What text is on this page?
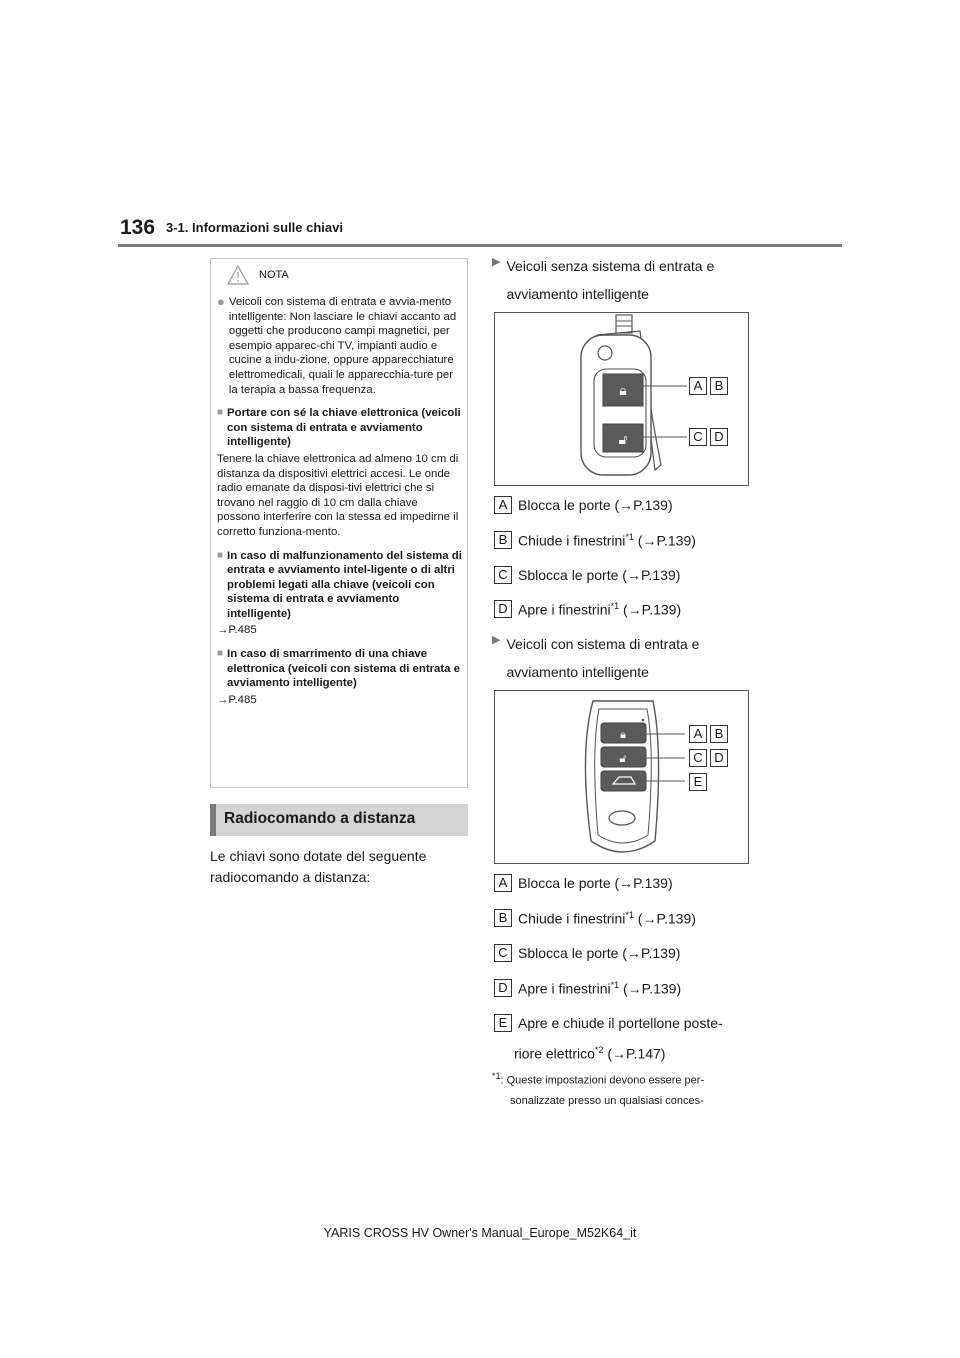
136 3-1. Informazioni sulle chiavi
NOTA
● Veicoli con sistema di entrata e avvia-mento intelligente: Non lasciare le chiavi accanto ad oggetti che producono campi magnetici, per esempio apparec-chi TV, impianti audio e cucine a indu-zione, oppure apparecchiature elettromedicali, quali le apparecchia-ture per la terapia a bassa frequenza.
■ Portare con sé la chiave elettronica (veicoli con sistema di entrata e avviamento intelligente)

Tenere la chiave elettronica ad almeno 10 cm di distanza da dispositivi elettrici accesi. Le onde radio emanate da disposi-tivi elettrici che si trovano nel raggio di 10 cm dalla chiave possono interferire con la stessa ed impedirne il corretto funziona-mento.

■ In caso di malfunzionamento del sistema di entrata e avviamento intel-ligente o di altri problemi legati alla chiave (veicoli con sistema di entrata e avviamento intelligente)

→P.485

■ In caso di smarrimento di una chiave elettronica (veicoli con sistema di entrata e avviamento intelligente)

→P.485

Radiocomando a distanza
Le chiavi sono dotate del seguente radiocomando a distanza:
▶ Veicoli senza sistema di entrata e avviamento intelligente
🔒︎
🔓︎
A B
C D
A Blocca le porte (→P.139)
B Chiude i finestrini$^{*1}$ (→P.139)
C Sblocca le porte (→P.139)
D Apre i finestrini$^{*1}$ (→P.139)
▶ Veicoli con sistema di entrata e avviamento intelligente
🔒︎
🔓︎
A B
C D
E
A Blocca le porte (→P.139)
B Chiude i finestrini$^{*1}$ (→P.139)
C Sblocca le porte (→P.139)
D Apre i finestrini$^{*1}$ (→P.139)
E Apre e chiude il portellone poste-
riore elettrico$^{*2}$ (→P.147)
$^{*1}$: Queste impostazioni devono essere per-
sonalizzate presso un qualsiasi conces-
YARIS CROSS HV Owner's Manual_Europe_M52K64_it
